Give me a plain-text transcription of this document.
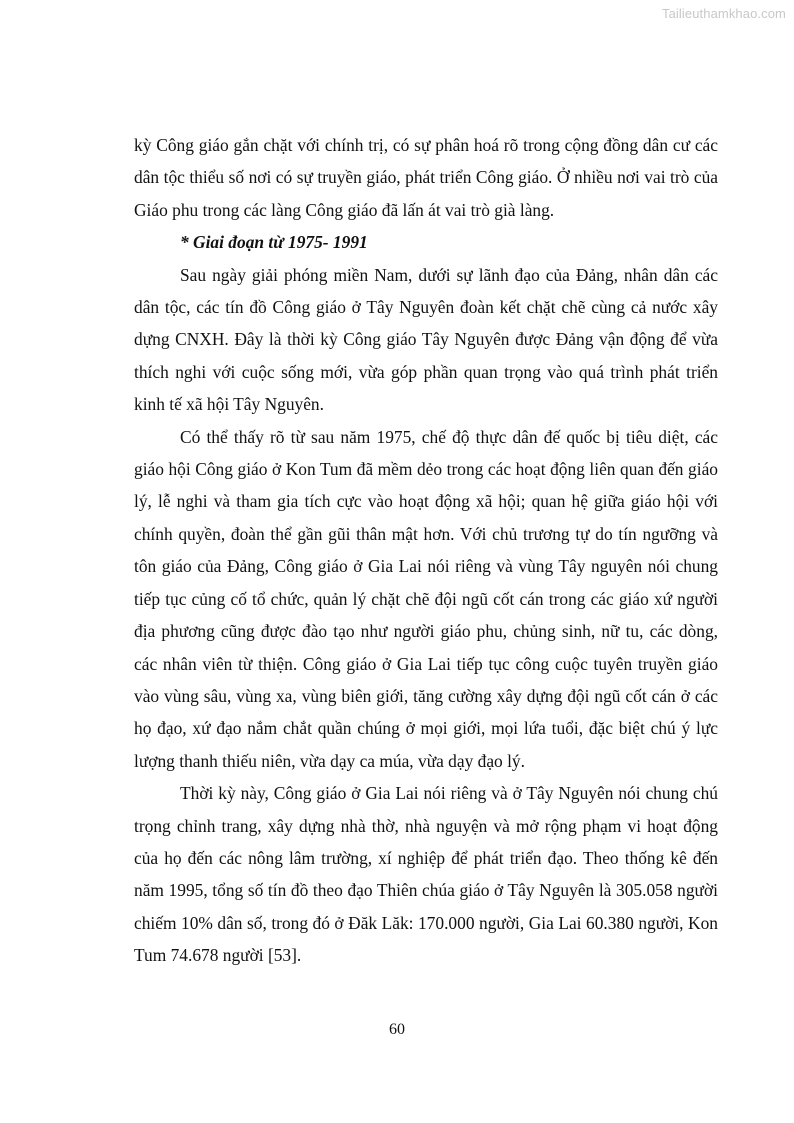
Tailieuthamkhao.com

kỳ Công giáo gắn chặt với chính trị, có sự phân hoá rõ trong cộng đồng dân cư các dân tộc thiểu số nơi có sự truyền giáo, phát triển Công giáo. Ở nhiều nơi vai trò của Giáo phu trong các làng Công giáo đã lấn át vai trò già làng.

* Giai đoạn từ 1975- 1991

Sau ngày giải phóng miền Nam, dưới sự lãnh đạo của Đảng, nhân dân các dân tộc, các tín đồ Công giáo ở Tây Nguyên đoàn kết chặt chẽ cùng cả nước xây dựng CNXH. Đây là thời kỳ Công giáo Tây Nguyên được Đảng vận động để vừa thích nghi với cuộc sống mới, vừa góp phần quan trọng vào quá trình phát triển kinh tế xã hội Tây Nguyên.

Có thể thấy rõ từ sau năm 1975, chế độ thực dân đế quốc bị tiêu diệt, các giáo hội Công giáo ở Kon Tum đã mềm dẻo trong các hoạt động liên quan đến giáo lý, lễ nghi và tham gia tích cực vào hoạt động xã hội; quan hệ giữa giáo hội với chính quyền, đoàn thể gần gũi thân mật hơn. Với chủ trương tự do tín ngưỡng và tôn giáo của Đảng, Công giáo ở Gia Lai nói riêng và vùng Tây nguyên nói chung tiếp tục củng cố tổ chức, quản lý chặt chẽ đội ngũ cốt cán trong các giáo xứ người địa phương cũng được đào tạo như người giáo phu, chủng sinh, nữ tu, các dòng, các nhân viên từ thiện. Công giáo ở Gia Lai tiếp tục công cuộc tuyên truyền giáo vào vùng sâu, vùng xa, vùng biên giới, tăng cường xây dựng đội ngũ cốt cán ở các họ đạo, xứ đạo nắm chắt quần chúng ở mọi giới, mọi lứa tuổi, đặc biệt chú ý lực lượng thanh thiếu niên, vừa dạy ca múa, vừa dạy đạo lý.

Thời kỳ này, Công giáo ở Gia Lai nói riêng và ở Tây Nguyên nói chung chú trọng chỉnh trang, xây dựng nhà thờ, nhà nguyện và mở rộng phạm vi hoạt động của họ đến các nông lâm trường, xí nghiệp để phát triển đạo. Theo thống kê đến năm 1995, tổng số tín đồ theo đạo Thiên chúa giáo ở Tây Nguyên là 305.058 người chiếm 10% dân số, trong đó ở Đăk Lăk: 170.000 người, Gia Lai 60.380 người, Kon Tum 74.678 người [53].

60
